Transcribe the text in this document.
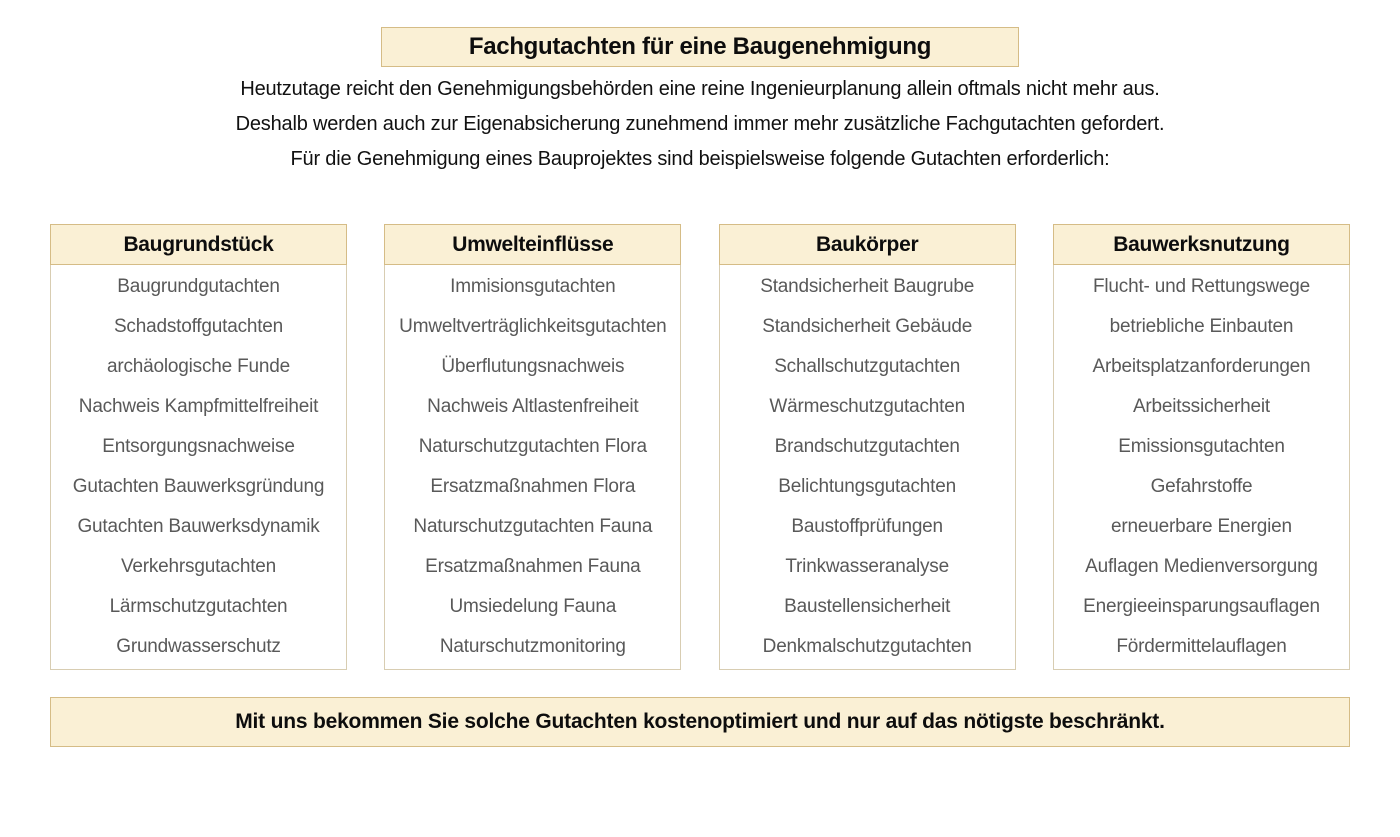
Fachgutachten für eine Baugenehmigung

Heutzutage reicht den Genehmigungsbehörden eine reine Ingenieurplanung allein oftmals nicht mehr aus.

Deshalb werden auch zur Eigenabsicherung zunehmend immer mehr zusätzliche Fachgutachten gefordert.

Für die Genehmigung eines Bauprojektes sind beispielsweise folgende Gutachten erforderlich:

Baugrundstück
Baugrundgutachten
Schadstoffgutachten
archäologische Funde
Nachweis Kampfmittelfreiheit
Entsorgungsnachweise
Gutachten Bauwerksgründung
Gutachten Bauwerksdynamik
Verkehrsgutachten
Lärmschutzgutachten
Grundwasserschutz
Umwelteinflüsse
Immisionsgutachten
Umweltverträglichkeitsgutachten
Überflutungsnachweis
Nachweis Altlastenfreiheit
Naturschutzgutachten Flora
Ersatzmaßnahmen Flora
Naturschutzgutachten Fauna
Ersatzmaßnahmen Fauna
Umsiedelung Fauna
Naturschutzmonitoring
Baukörper
Standsicherheit Baugrube
Standsicherheit Gebäude
Schallschutzgutachten
Wärmeschutzgutachten
Brandschutzgutachten
Belichtungsgutachten
Baustoffprüfungen
Trinkwasseranalyse
Baustellensicherheit
Denkmalschutzgutachten
Bauwerksnutzung
Flucht- und Rettungswege
betriebliche Einbauten
Arbeitsplatzanforderungen
Arbeitssicherheit
Emissionsgutachten
Gefahrstoffe
erneuerbare Energien
Auflagen Medienversorgung
Energieeinsparungsauflagen
Fördermittelauflagen
Mit uns bekommen Sie solche Gutachten kostenoptimiert und nur auf das nötigste beschränkt.
